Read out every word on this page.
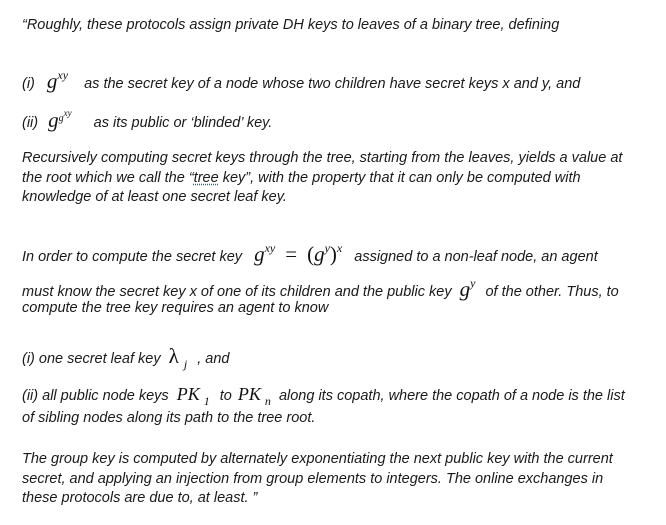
“Roughly, these protocols assign private DH keys to leaves of a binary tree, defining
(i) $g^{xy}$ as the secret key of a node whose two children have secret keys x and y, and
(ii) $g^{gxy}$ as its public or ‘blinded’ key.
Recursively computing secret keys through the tree, starting from the leaves, yields a value at
the root which we call the “tree key”, with the property that it can only be computed with
knowledge of at least one secret leaf key.
In order to compute the secret key $g^{xy} = (g^y)^x$ assigned to a non-leaf node, an agent
must know the secret key x of one of its children and the public key $g^y$ of the other. Thus, to
compute the tree key requires an agent to know
(i) one secret leaf key λ $_j$ , and
(ii) all public node keys PK $_1$ to PK $_n$ along its copath, where the copath of a node is the list
of sibling nodes along its path to the tree root.
The group key is computed by alternately exponentiating the next public key with the current
secret, and applying an injection from group elements to integers. The online exchanges in
these protocols are due to, at least. ”
